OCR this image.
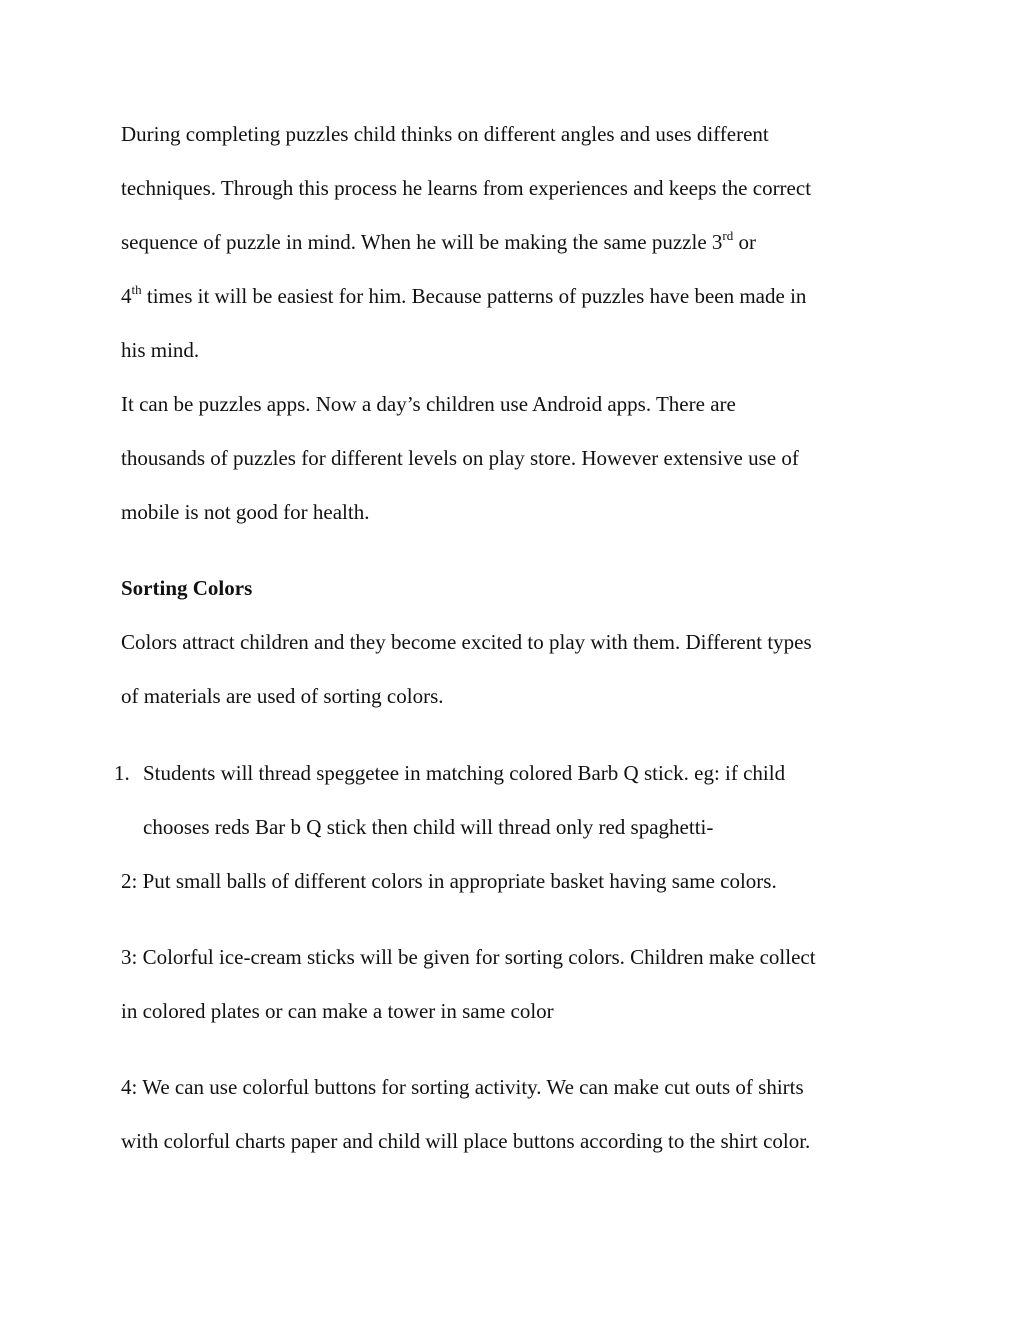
During completing puzzles child thinks on different angles and uses different
techniques. Through this process he learns from experiences and keeps the correct
sequence of puzzle in mind. When he will be making the same puzzle 3rd or
4th times it will be easiest for him. Because patterns of puzzles have been made in
his mind.
It can be puzzles apps. Now a day’s children use Android apps. There are
thousands of puzzles for different levels on play store. However extensive use of
mobile is not good for health.
Sorting Colors
Colors attract children and they become excited to play with them. Different types
of materials are used of sorting colors.
1. Students will thread speggetee in matching colored Barb Q stick. eg: if child
chooses reds Bar b Q stick then child will thread only red spaghetti-
2: Put small balls of different colors in appropriate basket having same colors.
3: Colorful ice-cream sticks will be given for sorting colors. Children make collect
in colored plates or can make a tower in same color
4: We can use colorful buttons for sorting activity. We can make cut outs of shirts
with colorful charts paper and child will place buttons according to the shirt color.
